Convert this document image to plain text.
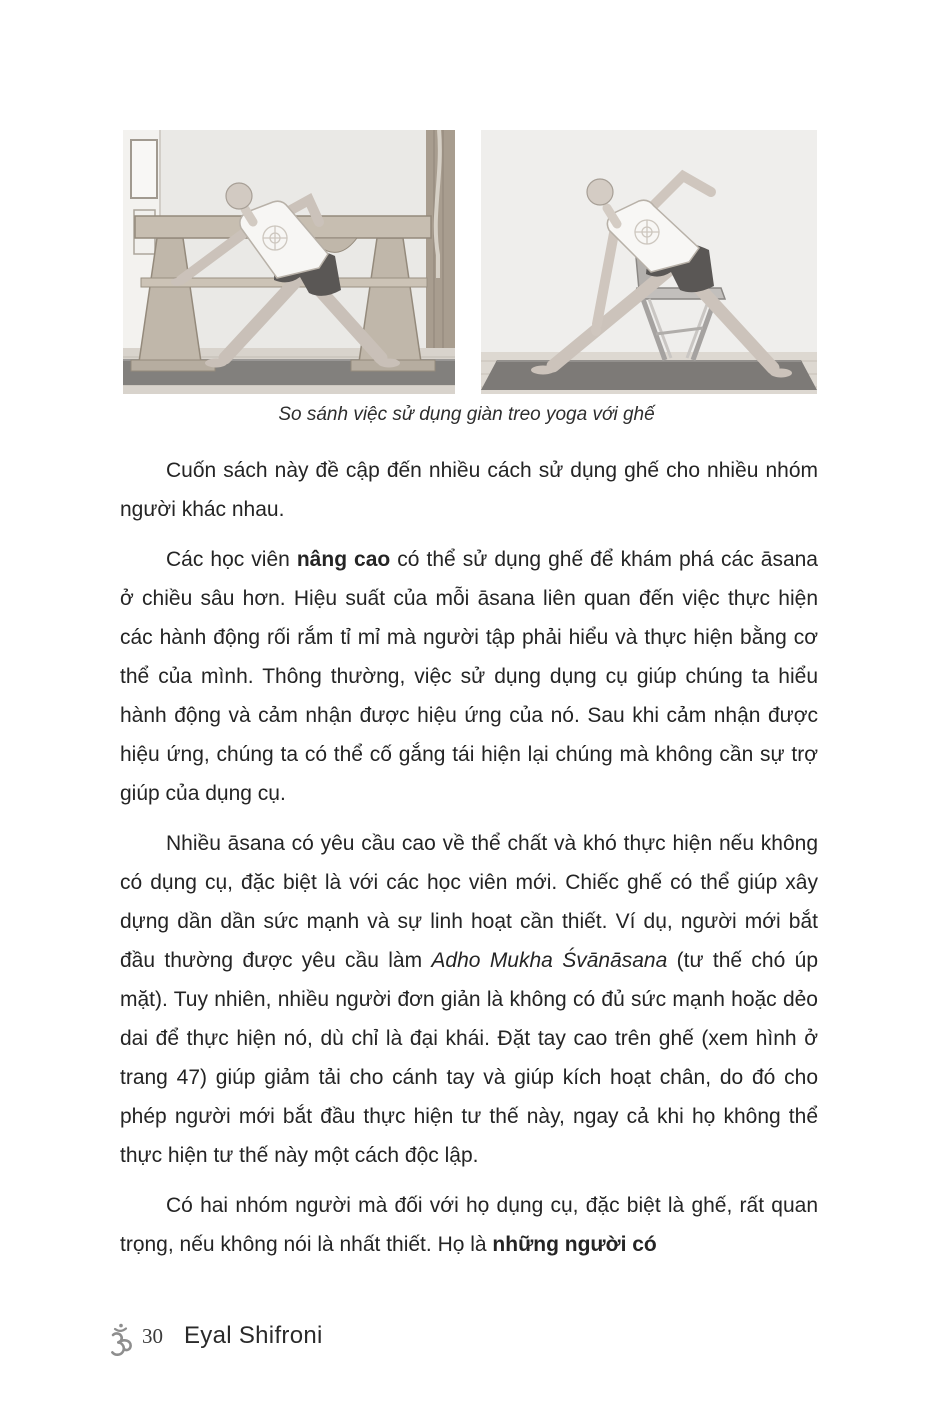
So sánh việc sử dụng giàn treo yoga với ghế

Cuốn sách này đề cập đến nhiều cách sử dụng ghế cho nhiều nhóm người khác nhau.

Các học viên nâng cao có thể sử dụng ghế để khám phá các āsana ở chiều sâu hơn. Hiệu suất của mỗi āsana liên quan đến việc thực hiện các hành động rối rắm tỉ mỉ mà người tập phải hiểu và thực hiện bằng cơ thể của mình. Thông thường, việc sử dụng dụng cụ giúp chúng ta hiểu hành động và cảm nhận được hiệu ứng của nó. Sau khi cảm nhận được hiệu ứng, chúng ta có thể cố gắng tái hiện lại chúng mà không cần sự trợ giúp của dụng cụ.

Nhiều āsana có yêu cầu cao về thể chất và khó thực hiện nếu không có dụng cụ, đặc biệt là với các học viên mới. Chiếc ghế có thể giúp xây dựng dần dần sức mạnh và sự linh hoạt cần thiết. Ví dụ, người mới bắt đầu thường được yêu cầu làm Adho Mukha Śvānāsana (tư thế chó úp mặt). Tuy nhiên, nhiều người đơn giản là không có đủ sức mạnh hoặc dẻo dai để thực hiện nó, dù chỉ là đại khái. Đặt tay cao trên ghế (xem hình ở trang 47) giúp giảm tải cho cánh tay và giúp kích hoạt chân, do đó cho phép người mới bắt đầu thực hiện tư thế này, ngay cả khi họ không thể thực hiện tư thế này một cách độc lập.

Có hai nhóm người mà đối với họ dụng cụ, đặc biệt là ghế, rất quan trọng, nếu không nói là nhất thiết. Họ là những người có

30 Eyal Shifroni
